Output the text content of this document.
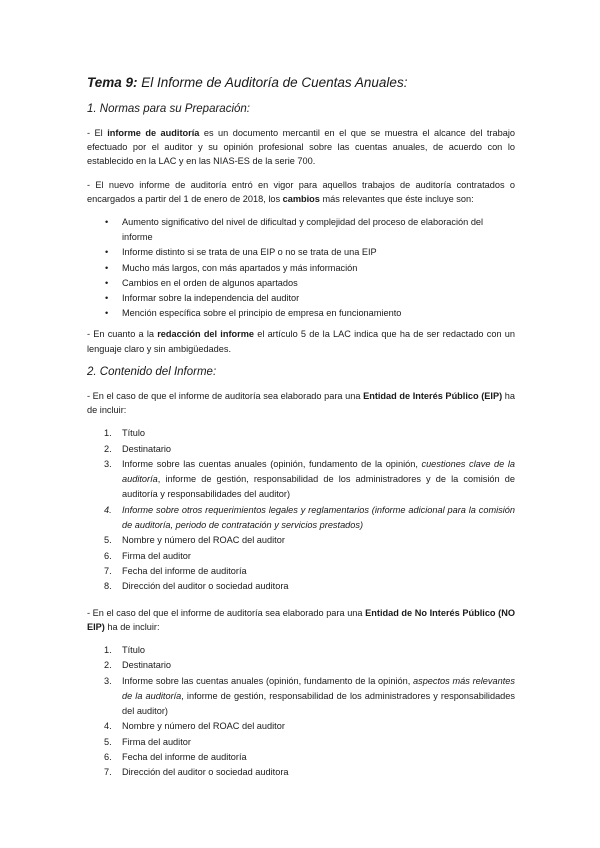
Tema 9: El Informe de Auditoría de Cuentas Anuales:
1. Normas para su Preparación:

- El informe de auditoría es un documento mercantil en el que se muestra el alcance del trabajo efectuado por el auditor y su opinión profesional sobre las cuentas anuales, de acuerdo con lo establecido en la LAC y en las NIAS-ES de la serie 700.

- El nuevo informe de auditoría entró en vigor para aquellos trabajos de auditoría contratados o encargados a partir del 1 de enero de 2018, los cambios más relevantes que éste incluye son:

• Aumento significativo del nivel de dificultad y complejidad del proceso de elaboración del informe
• Informe distinto si se trata de una EIP o no se trata de una EIP
• Mucho más largos, con más apartados y más información
• Cambios en el orden de algunos apartados
• Informar sobre la independencia del auditor
• Mención específica sobre el principio de empresa en funcionamiento

- En cuanto a la redacción del informe el artículo 5 de la LAC indica que ha de ser redactado con un lenguaje claro y sin ambigüedades.

2. Contenido del Informe:

- En el caso de que el informe de auditoría sea elaborado para una Entidad de Interés Público (EIP) ha de incluir:

1. Título
2. Destinatario
3. Informe sobre las cuentas anuales (opinión, fundamento de la opinión, cuestiones clave de la auditoría, informe de gestión, responsabilidad de los administradores y de la comisión de auditoría y responsabilidades del auditor)
4. Informe sobre otros requerimientos legales y reglamentarios (informe adicional para la comisión de auditoría, periodo de contratación y servicios prestados)
5. Nombre y número del ROAC del auditor
6. Firma del auditor
7. Fecha del informe de auditoría
8. Dirección del auditor o sociedad auditora

- En el caso del que el informe de auditoría sea elaborado para una Entidad de No Interés Público (NO EIP) ha de incluir:

1. Título
2. Destinatario
3. Informe sobre las cuentas anuales (opinión, fundamento de la opinión, aspectos más relevantes de la auditoría, informe de gestión, responsabilidad de los administradores y responsabilidades del auditor)
4. Nombre y número del ROAC del auditor
5. Firma del auditor
6. Fecha del informe de auditoría
7. Dirección del auditor o sociedad auditora
